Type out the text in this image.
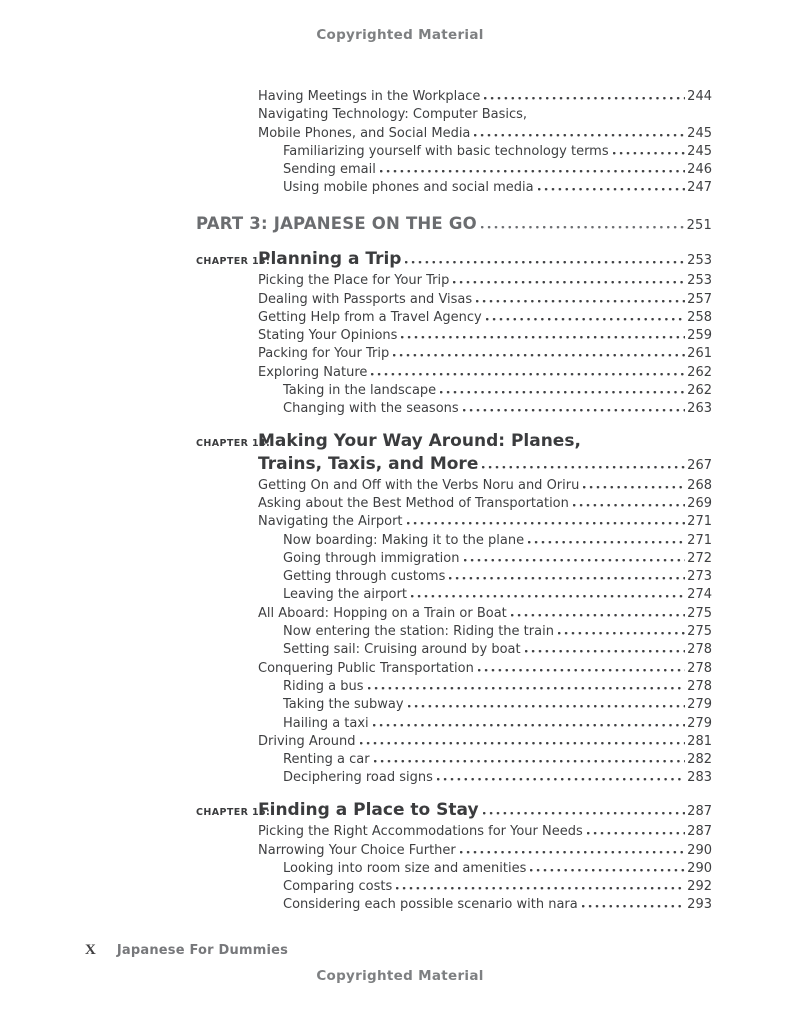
Copyrighted Material
Having Meetings in the Workplace	244
Navigating Technology: Computer Basics,
Mobile Phones, and Social Media	245
Familiarizing yourself with basic technology terms	245
Sending email	246
Using mobile phones and social media	247
PART 3: JAPANESE ON THE GO	251
CHAPTER 13:
Planning a Trip	253
Picking the Place for Your Trip	253
Dealing with Passports and Visas	257
Getting Help from a Travel Agency	258
Stating Your Opinions	259
Packing for Your Trip	261
Exploring Nature	262
Taking in the landscape	262
Changing with the seasons	263
CHAPTER 14:
Making Your Way Around: Planes,
Trains, Taxis, and More	267
Getting On and Off with the Verbs Noru and Oriru	268
Asking about the Best Method of Transportation	269
Navigating the Airport	271
Now boarding: Making it to the plane	271
Going through immigration	272
Getting through customs	273
Leaving the airport	274
All Aboard: Hopping on a Train or Boat	275
Now entering the station: Riding the train	275
Setting sail: Cruising around by boat	278
Conquering Public Transportation	278
Riding a bus	278
Taking the subway	279
Hailing a taxi	279
Driving Around	281
Renting a car	282
Deciphering road signs	283
CHAPTER 15:
Finding a Place to Stay	287
Picking the Right Accommodations for Your Needs	287
Narrowing Your Choice Further	290
Looking into room size and amenities	290
Comparing costs	292
Considering each possible scenario with nara	293
X Japanese For Dummies
Copyrighted Material
